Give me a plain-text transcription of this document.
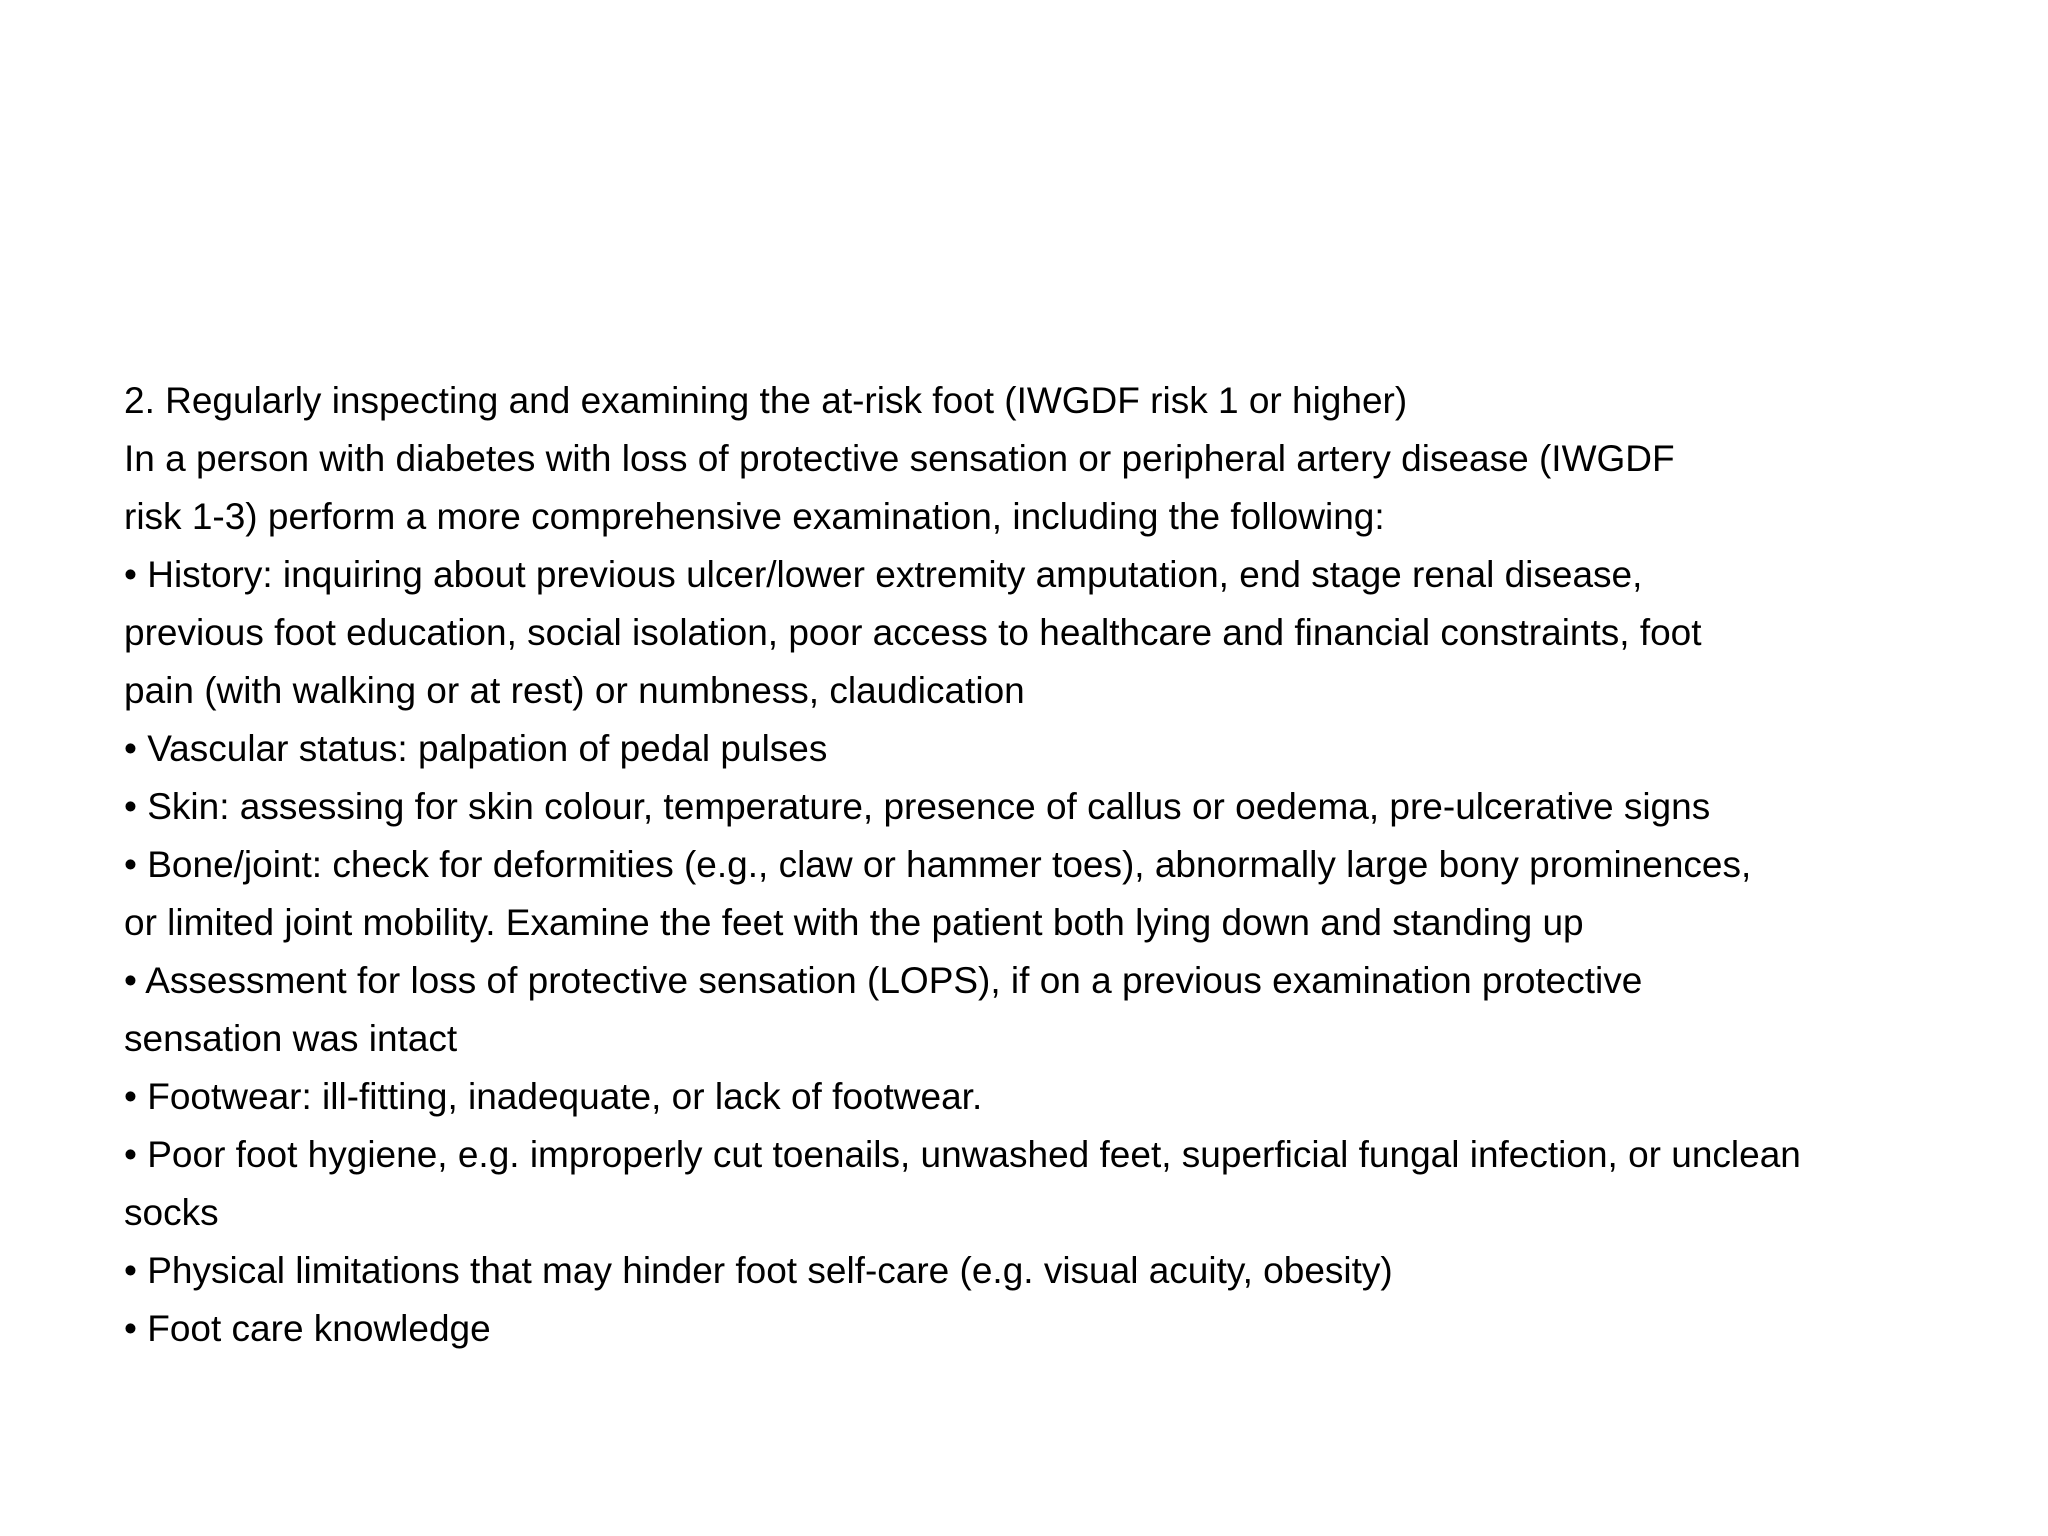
2. Regularly inspecting and examining the at-risk foot (IWGDF risk 1 or higher)
In a person with diabetes with loss of protective sensation or peripheral artery disease (IWGDF
risk 1-3) perform a more comprehensive examination, including the following:
• History: inquiring about previous ulcer/lower extremity amputation, end stage renal disease,
previous foot education, social isolation, poor access to healthcare and financial constraints, foot
pain (with walking or at rest) or numbness, claudication
• Vascular status: palpation of pedal pulses
• Skin: assessing for skin colour, temperature, presence of callus or oedema, pre-ulcerative signs
• Bone/joint: check for deformities (e.g., claw or hammer toes), abnormally large bony prominences,
or limited joint mobility. Examine the feet with the patient both lying down and standing up
• Assessment for loss of protective sensation (LOPS), if on a previous examination protective
sensation was intact
• Footwear: ill-fitting, inadequate, or lack of footwear.
• Poor foot hygiene, e.g. improperly cut toenails, unwashed feet, superficial fungal infection, or unclean
socks
• Physical limitations that may hinder foot self-care (e.g. visual acuity, obesity)
• Foot care knowledge
